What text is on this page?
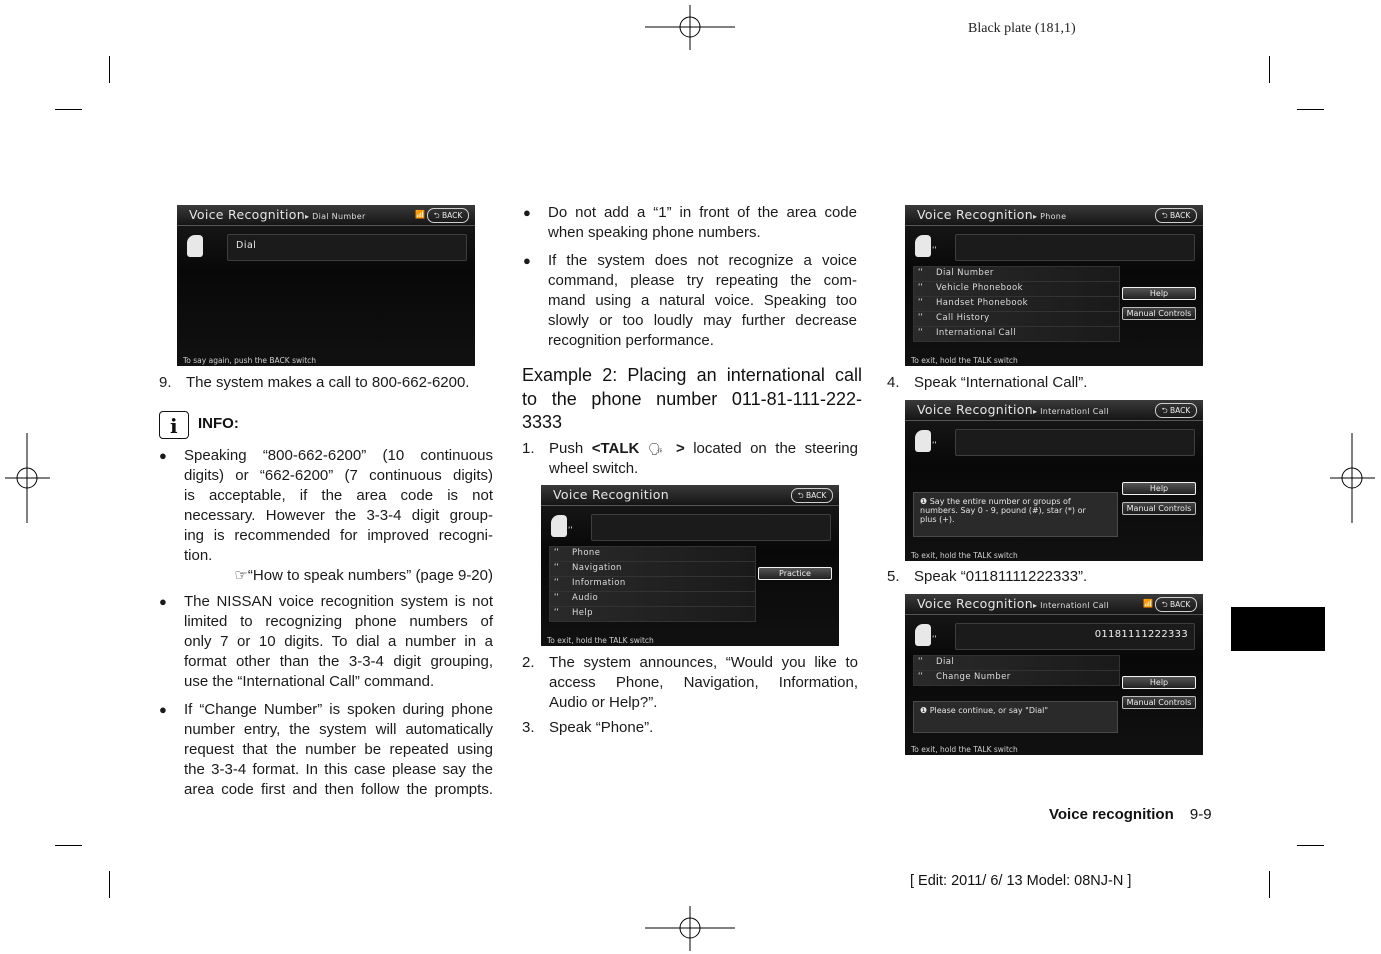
Black plate (181,1)
Voice Recognition▸ Dial Number	📶	⮌ BACK
Dial
To say again, push the BACK switch
9. The system makes a call to 800-662-6200.
i INFO:
● Speaking “800-662-6200” (10 continuous
digits) or “662-6200” (7 continuous digits)
is acceptable, if the area code is not
necessary. However the 3-3-4 digit group-
ing is recommended for improved recogni-
tion.
☞“How to speak numbers” (page 9-20)
● The NISSAN voice recognition system is not
limited to recognizing phone numbers of
only 7 or 10 digits. To dial a number in a
format other than the 3-3-4 digit grouping,
use the “International Call” command.
● If “Change Number” is spoken during phone
number entry, the system will automatically
request that the number be repeated using
the 3-3-4 format. In this case please say the
area code first and then follow the prompts.
● Do not add a “1” in front of the area code
when speaking phone numbers.
● If the system does not recognize a voice
command, please try repeating the com-
mand using a natural voice. Speaking too
slowly or too loudly may further decrease
recognition performance.
Example 2: Placing an international call
to the phone number 011-81-111-222-
3333
1. Push <TALK 🗣 > located on the steering
wheel switch.
Voice Recognition	⮌ BACK
ʹʹ
ʹʹ Phone
ʹʹ Navigation
ʹʹ Information
ʹʹ Audio
ʹʹ Help
Practice
To exit, hold the TALK switch
2. The system announces, “Would you like to
access Phone, Navigation, Information,
Audio or Help?”.
3. Speak “Phone”.
Voice Recognition▸ Phone	⮌ BACK
ʹʹ
ʹʹ Dial Number
ʹʹ Vehicle Phonebook
ʹʹ Handset Phonebook
ʹʹ Call History
ʹʹ International Call
Help
Manual Controls
To exit, hold the TALK switch
4. Speak “International Call”.
Voice Recognition▸ Internationl Call	⮌ BACK
ʹʹ
❶ Say the entire number or groups of
numbers. Say 0 - 9, pound (#), star (*) or
plus (+).
Help
Manual Controls
To exit, hold the TALK switch
5. Speak “01181111222333”.
Voice Recognition▸ Internationl Call	📶	⮌ BACK
ʹʹ	01181111222333
ʹʹ Dial
ʹʹ Change Number
❶ Please continue, or say "Dial"
Help
Manual Controls
To exit, hold the TALK switch
Voice recognition 9-9
[ Edit: 2011/ 6/ 13 Model: 08NJ-N ]
